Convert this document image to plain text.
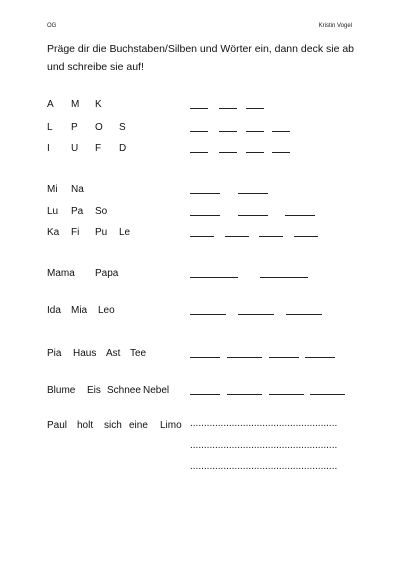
OG	Kristin Vogel
Präge dir die Buchstaben/Silben und Wörter ein, dann deck sie ab und schreibe sie auf!
A M K
L P O S
I U F D
Mi Na
Lu Pa So
Ka Fi Pu Le
Mama Papa
Ida Mia Leo
Pia Haus Ast Tee
Blume Eis Schnee Nebel
Paul holt sich eine Limo .....................................................
.....................................................
.....................................................
